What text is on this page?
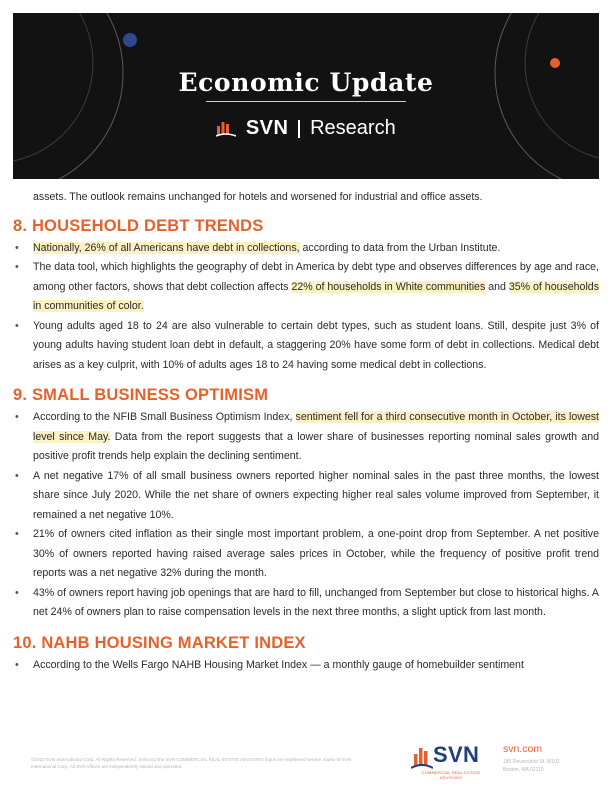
Economic Update
SVN Research

assets. The outlook remains unchanged for hotels and worsened for industrial and office assets.

8. HOUSEHOLD DEBT TRENDS
• Nationally, 26% of all Americans have debt in collections, according to data from the Urban Institute.
• The data tool, which highlights the geography of debt in America by debt type and observes differences by age and race, among other factors, shows that debt collection affects 22% of households in White communities and 35% of households in communities of color.
• Young adults aged 18 to 24 are also vulnerable to certain debt types, such as student loans. Still, despite just 3% of young adults having student loan debt in default, a staggering 20% have some form of debt in collections. Medical debt arises as a key culprit, with 10% of adults ages 18 to 24 having some medical debt in collections.
9. SMALL BUSINESS OPTIMISM
• According to the NFIB Small Business Optimism Index, sentiment fell for a third consecutive month in October, its lowest level since May. Data from the report suggests that a lower share of businesses reporting nominal sales growth and positive profit trends help explain the declining sentiment.
• A net negative 17% of all small business owners reported higher nominal sales in the past three months, the lowest share since July 2020. While the net share of owners expecting higher real sales volume improved from September, it remained a net negative 10%.
• 21% of owners cited inflation as their single most important problem, a one-point drop from September. A net positive 30% of owners reported having raised average sales prices in October, while the frequency of positive profit trend reports was a net negative 32% during the month.
• 43% of owners report having job openings that are hard to fill, unchanged from September but close to historical highs. A net 24% of owners plan to raise compensation levels in the next three months, a slight uptick from last month.
10. NAHB HOUSING MARKET INDEX
• According to the Wells Fargo NAHB Housing Market Index — a monthly gauge of homebuilder sentiment
©2023 SVN International Corp. All Rights Reserved. SVN and the SVN COMMERCIAL REAL ESTATE ADVISORS logos are registered service marks of SVN International Corp. All SVN offices are independently owned and operated.	SVN
COMMERCIAL REAL ESTATE ADVISORS
svn.com
185 Devonshire St. M102
Boston, MA 02110
